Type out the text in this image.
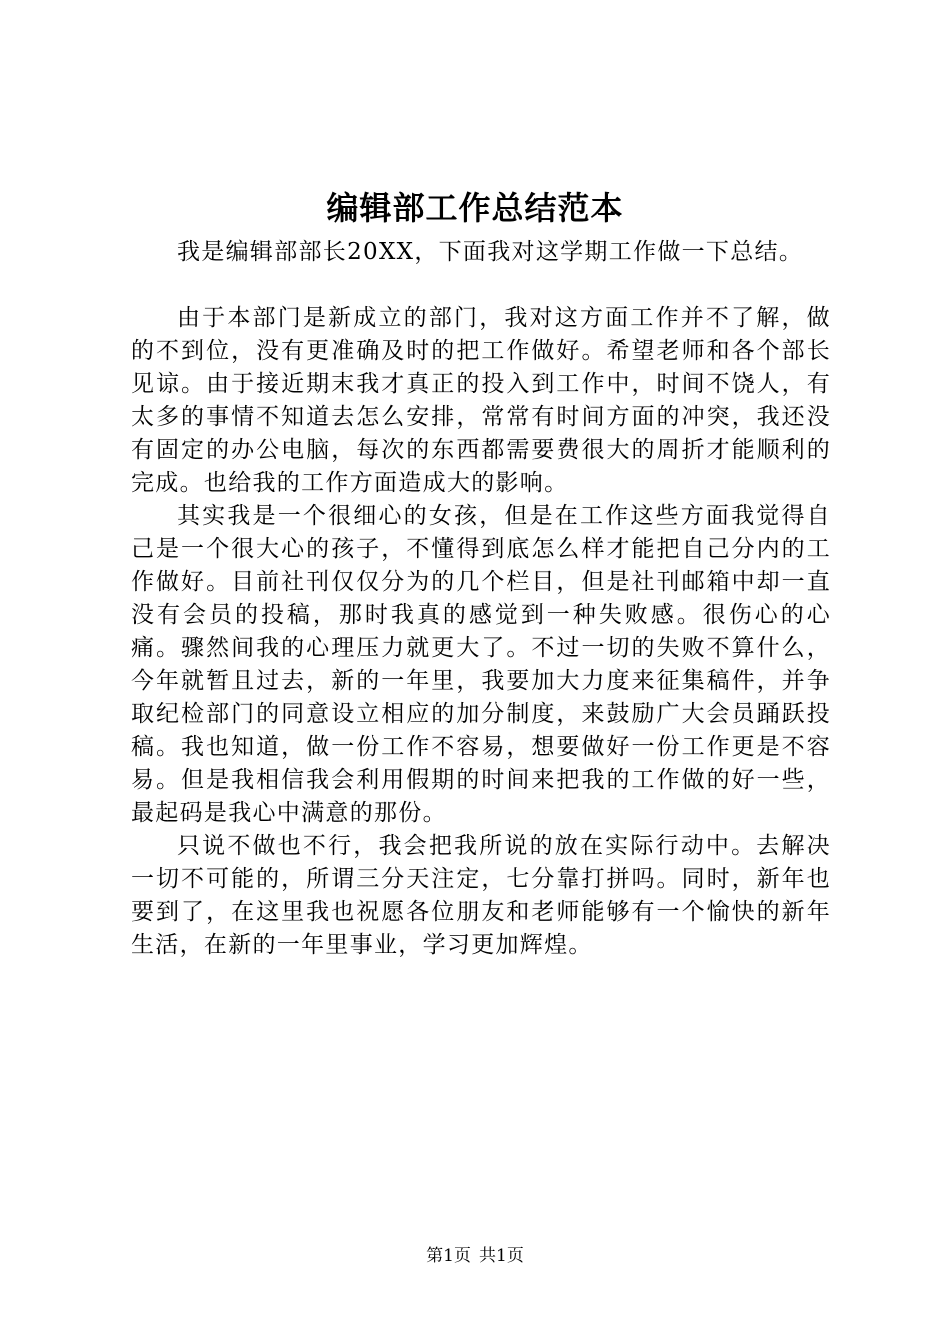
编辑部工作总结范本

我是编辑部部长20XX，下面我对这学期工作做一下总结。

由于本部门是新成立的部门，我对这方面工作并不了解，做的不到位，没有更准确及时的把工作做好。希望老师和各个部长见谅。由于接近期末我才真正的投入到工作中，时间不饶人，有太多的事情不知道去怎么安排，常常有时间方面的冲突，我还没有固定的办公电脑，每次的东西都需要费很大的周折才能顺利的完成。也给我的工作方面造成大的影响。

其实我是一个很细心的女孩，但是在工作这些方面我觉得自己是一个很大心的孩子，不懂得到底怎么样才能把自己分内的工作做好。目前社刊仅仅分为的几个栏目，但是社刊邮箱中却一直没有会员的投稿，那时我真的感觉到一种失败感。很伤心的心痛。骤然间我的心理压力就更大了。不过一切的失败不算什么，今年就暂且过去，新的一年里，我要加大力度来征集稿件，并争取纪检部门的同意设立相应的加分制度，来鼓励广大会员踊跃投稿。我也知道，做一份工作不容易，想要做好一份工作更是不容易。但是我相信我会利用假期的时间来把我的工作做的好一些，最起码是我心中满意的那份。

只说不做也不行，我会把我所说的放在实际行动中。去解决一切不可能的，所谓三分天注定，七分靠打拼吗。同时，新年也要到了，在这里我也祝愿各位朋友和老师能够有一个愉快的新年生活，在新的一年里事业，学习更加辉煌。

第1页 共1页
